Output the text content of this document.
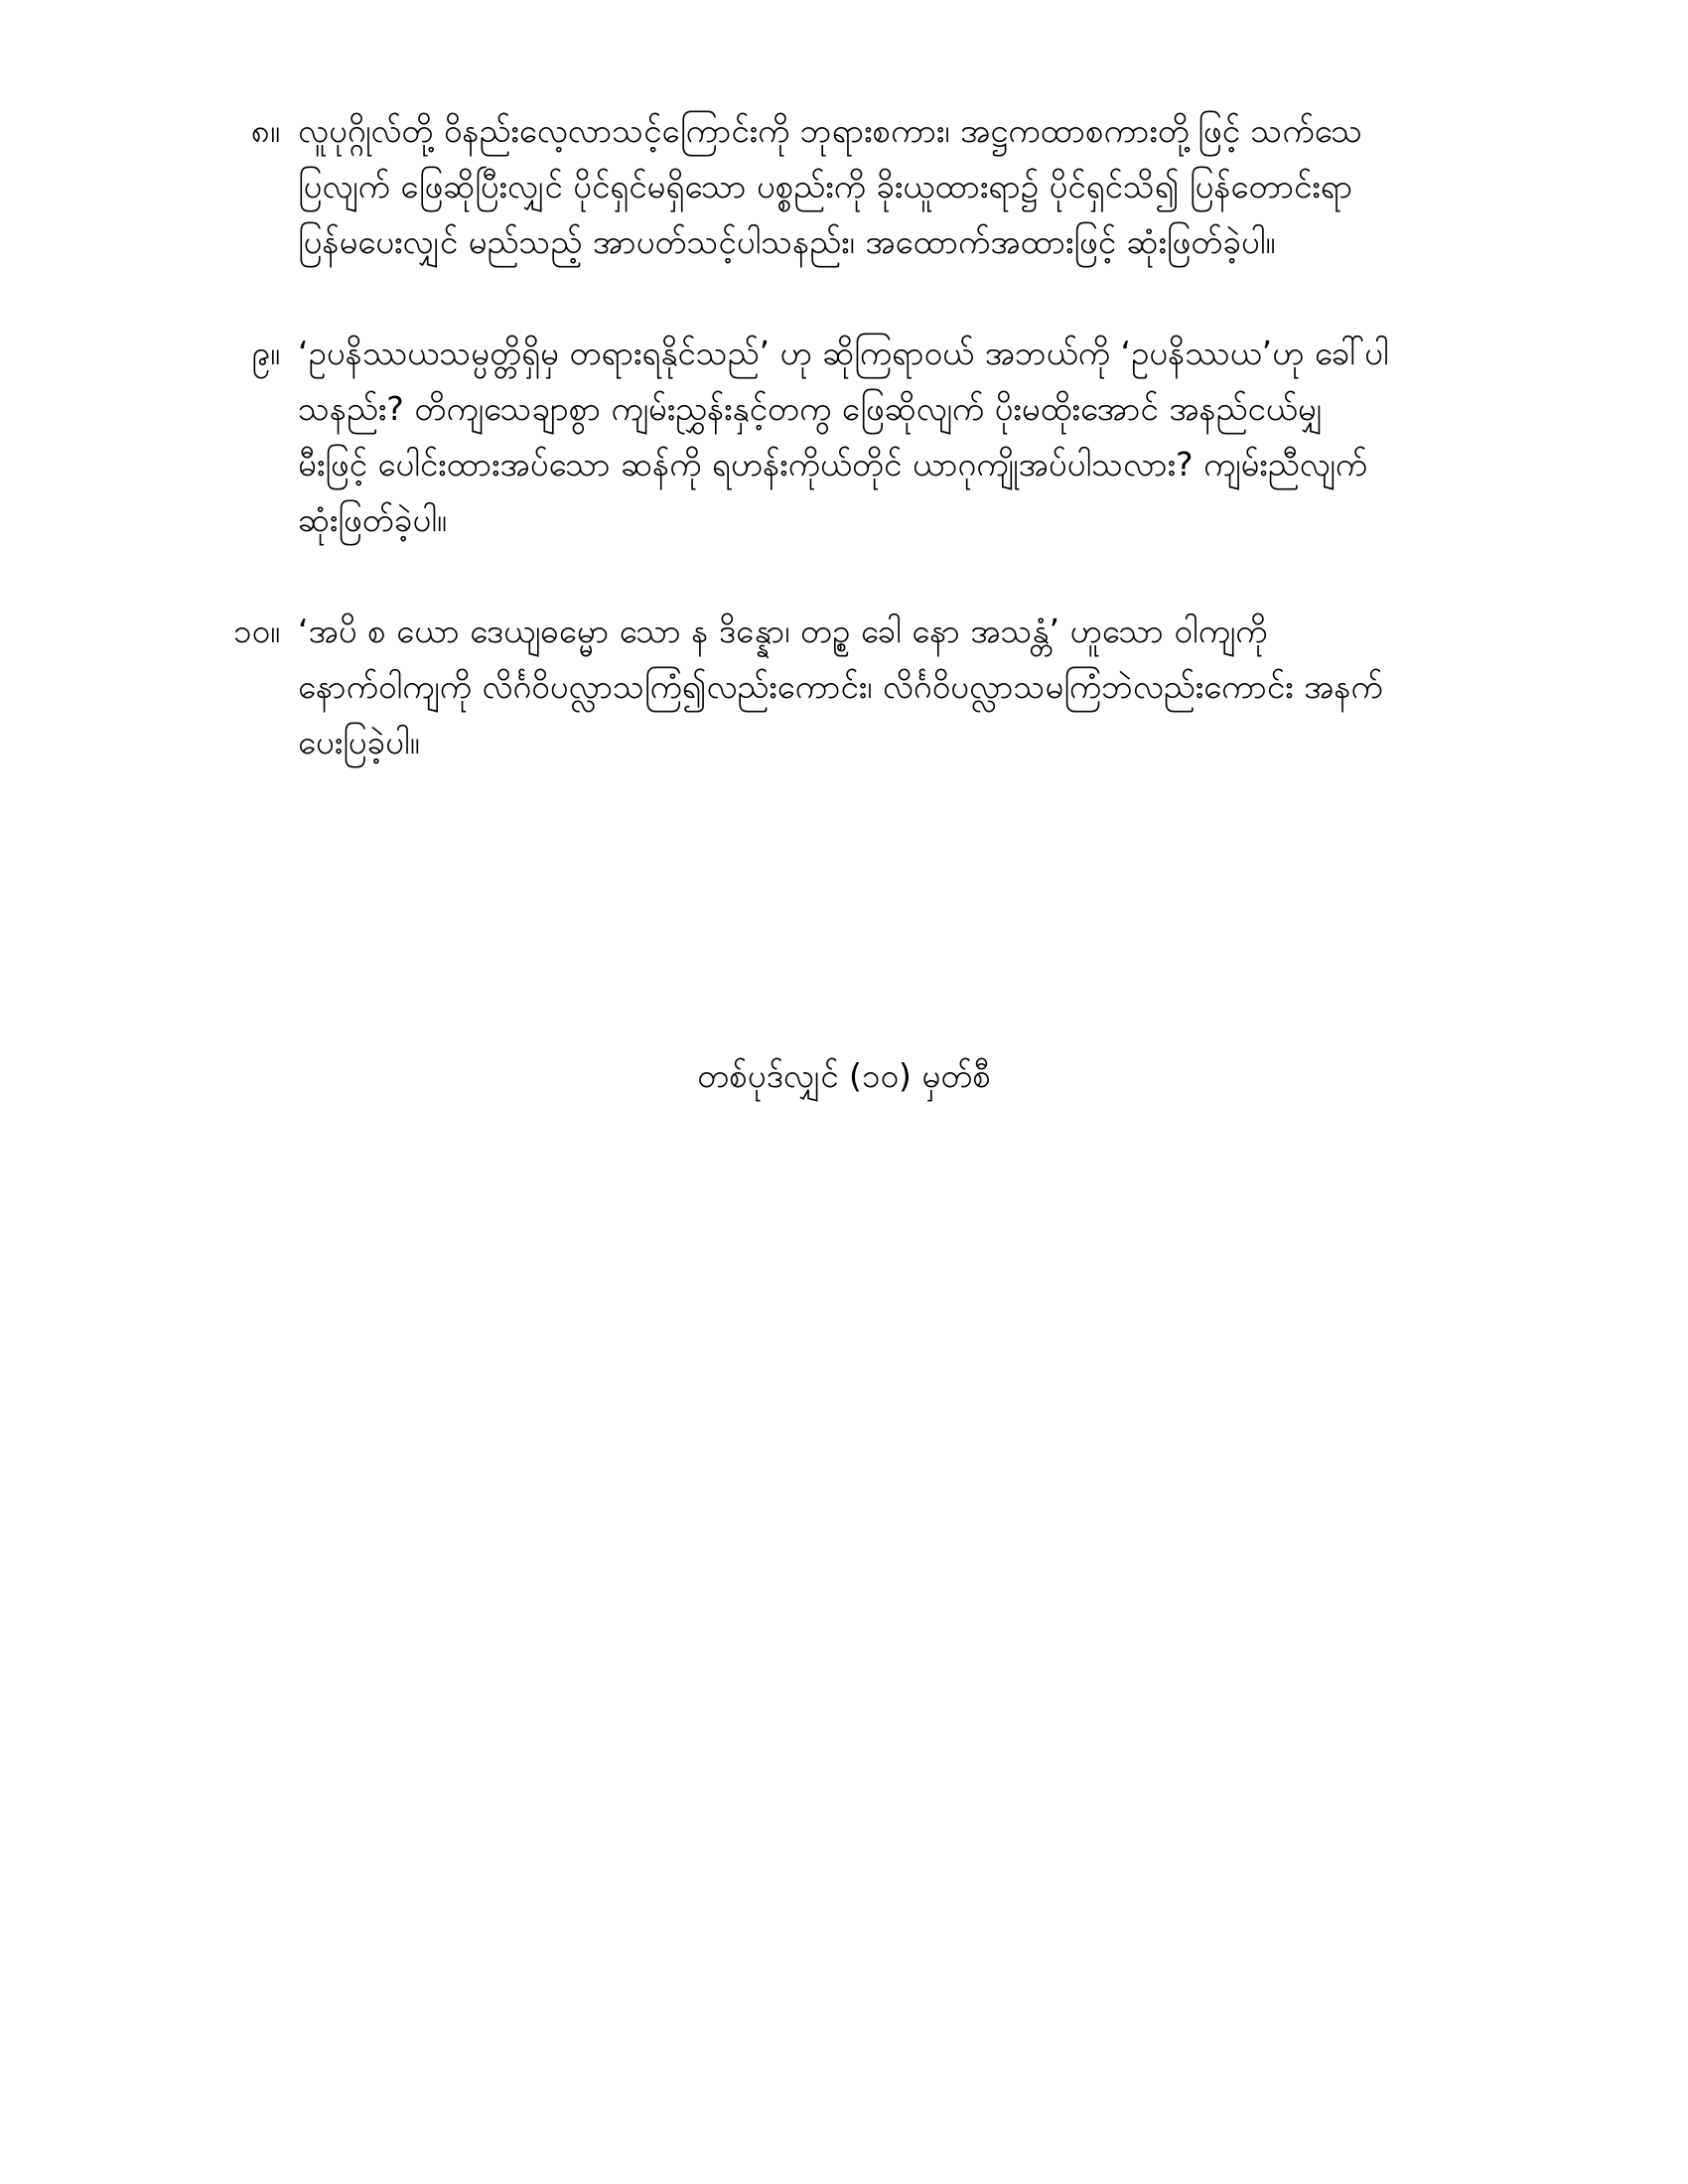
၈။ လူပုဂ္ဂိုလ်တို့ ဝိနည်းလေ့လာသင့်ကြောင်းကို ဘုရားစကား၊ အဋ္ဌကထာစကားတို့ဖြင့် သက်သေ
ပြလျက် ဖြေဆိုပြီးလျှင် ပိုင်ရှင်မရှိသော ပစ္စည်းကို ခိုးယူထားရာ၌ ပိုင်ရှင်သိ၍ ပြန်တောင်းရာ
ပြန်မပေးလျှင် မည်သည့် အာပတ်သင့်ပါသနည်း၊ အထောက်အထားဖြင့် ဆုံးဖြတ်ခဲ့ပါ။
၉။ ‘ဥပနိဿယသမ္ပတ္တိရှိမှ တရားရနိုင်သည်’ ဟု ဆိုကြရာဝယ် အဘယ်ကို ‘ဥပနိဿယ’ဟု ခေါ်ပါ
သနည်း? တိကျသေချာစွာ ကျမ်းညွှန်းနှင့်တကွ ဖြေဆိုလျက် ပိုးမထိုးအောင် အနည်ငယ်မျှ
မီးဖြင့် ပေါင်းထားအပ်သော ဆန်ကို ရဟန်းကိုယ်တိုင် ယာဂုကျိုအပ်ပါသလား? ကျမ်းညီလျက်
ဆုံးဖြတ်ခဲ့ပါ။
၁၀။ ‘အပိ စ ယော ဒေယျဓမ္မော သော န ဒိန္နော၊ တဥ္စ ခေါ နော အသန္တံ’ ဟူသော ဝါကျကို
နောက်ဝါကျကို လိင်္ဂဝိပလ္လာသကြံ၍လည်းကောင်း၊ လိင်္ဂဝိပလ္လာသမကြံဘဲလည်းကောင်း အနက်
ပေးပြခဲ့ပါ။
တစ်ပုဒ်လျှင် (၁၀) မှတ်စီ
